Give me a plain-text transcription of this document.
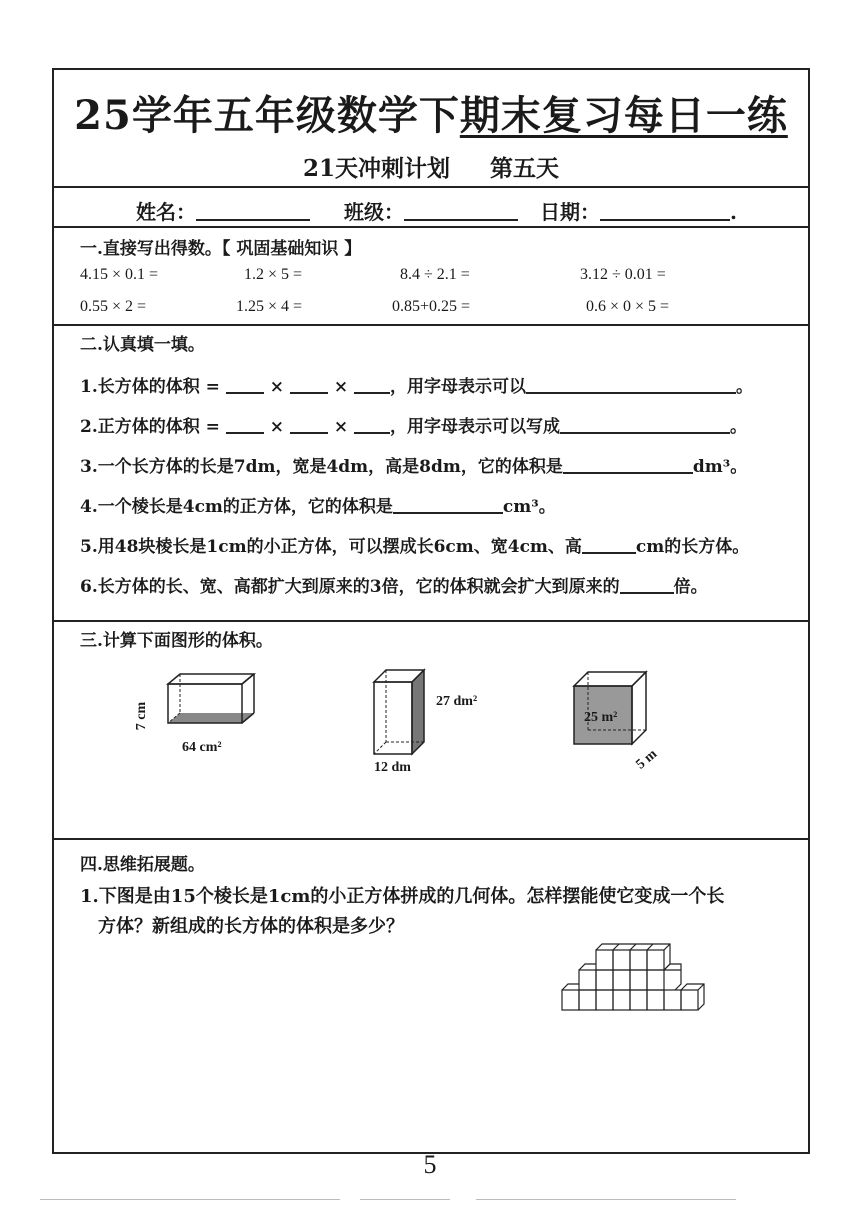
25学年五年级数学下期末复习每日一练
21天冲刺计划 第五天
姓名：	班级：	日期：	.
一.直接写出得数。【 巩固基础知识 】
4.15 × 0.1 =	1.2 × 5 =	8.4 ÷ 2.1 =	3.12 ÷ 0.01 =
0.55 × 2 =	1.25 × 4 =	0.85+0.25 =	0.6 × 0 × 5 =
二.认真填一填。
1.长方体的体积 =	×	× ，用字母表示可以	。
2.正方体的体积 =	×	× ，用字母表示可以写成	。
3.一个长方体的长是7dm，宽是4dm，高是8dm，它的体积是	dm³。
4.一个棱长是4cm的正方体，它的体积是	cm³。
5.用48块棱长是1cm的小正方体，可以摆成长6cm、宽4cm、高	cm的长方体。
6.长方体的长、宽、高都扩大到原来的3倍，它的体积就会扩大到原来的	倍。
三.计算下面图形的体积。
7 cm
64 cm²
27 dm²
12 dm
25 m²
5 m
四.思维拓展题。
1.下图是由15个棱长是1cm的小正方体拼成的几何体。怎样摆能使它变成一个长
方体？新组成的长方体的体积是多少？
5
